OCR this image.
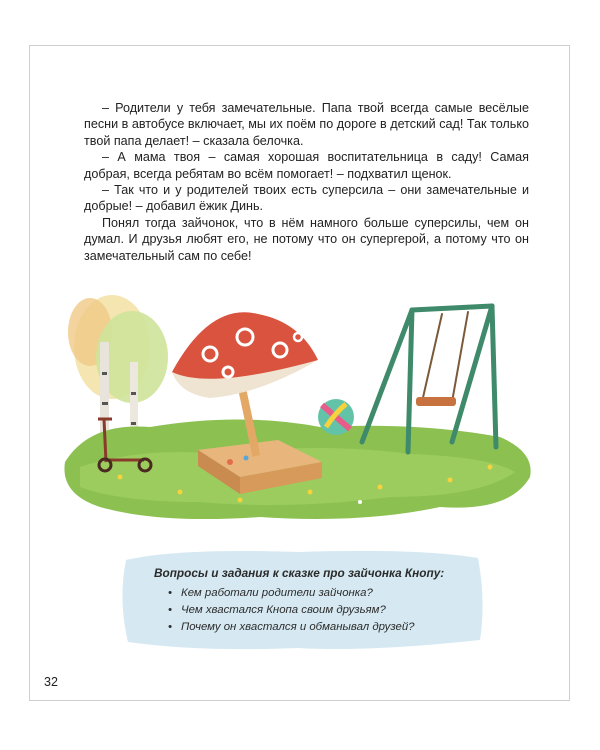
– Родители у тебя замечательные. Папа твой всегда самые весёлые песни в автобусе включает, мы их поём по дороге в детский сад! Так только твой папа делает! – сказала белочка.

– А мама твоя – самая хорошая воспитательница в саду! Самая добрая, всегда ребятам во всём помогает! – подхватил щенок.

– Так что и у родителей твоих есть суперсила – они замечательные и добрые! – добавил ёжик Динь.

Понял тогда зайчонок, что в нём намного больше суперсилы, чем он думал. И друзья любят его, не потому что он супергерой, а потому что он замечательный сам по себе!

Вопросы и задания к сказке про зайчонка Кнопу:
• Кем работали родители зайчонка?
• Чем хвастался Кнопа своим друзьям?
• Почему он хвастался и обманывал друзей?
32
